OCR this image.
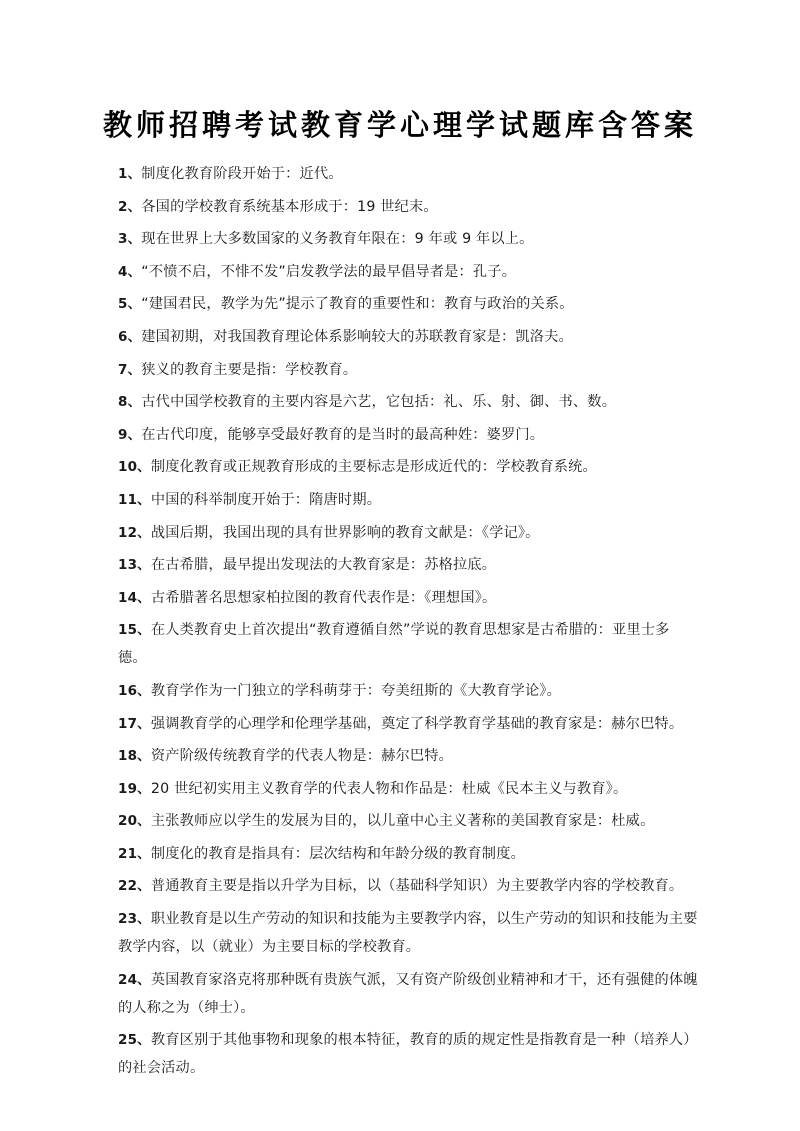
教师招聘考试教育学心理学试题库含答案

1、制度化教育阶段开始于：近代。

2、各国的学校教育系统基本形成于：19 世纪末。

3、现在世界上大多数国家的义务教育年限在：9 年或 9 年以上。

4、“不愤不启，不悱不发”启发教学法的最早倡导者是：孔子。

5、“建国君民，教学为先”提示了教育的重要性和：教育与政治的关系。

6、建国初期，对我国教育理论体系影响较大的苏联教育家是：凯洛夫。

7、狭义的教育主要是指：学校教育。

8、古代中国学校教育的主要内容是六艺，它包括：礼、乐、射、御、书、数。

9、在古代印度，能够享受最好教育的是当时的最高种姓：婆罗门。

10、制度化教育或正规教育形成的主要标志是形成近代的：学校教育系统。

11、中国的科举制度开始于：隋唐时期。

12、战国后期，我国出现的具有世界影响的教育文献是：《学记》。

13、在古希腊，最早提出发现法的大教育家是：苏格拉底。

14、古希腊著名思想家柏拉图的教育代表作是：《理想国》。

15、在人类教育史上首次提出“教育遵循自然”学说的教育思想家是古希腊的：亚里士多德。

16、教育学作为一门独立的学科萌芽于：夸美纽斯的《大教育学论》。

17、强调教育学的心理学和伦理学基础，奠定了科学教育学基础的教育家是：赫尔巴特。

18、资产阶级传统教育学的代表人物是：赫尔巴特。

19、20 世纪初实用主义教育学的代表人物和作品是：杜威《民本主义与教育》。

20、主张教师应以学生的发展为目的，以儿童中心主义著称的美国教育家是：杜威。

21、制度化的教育是指具有：层次结构和年龄分级的教育制度。

22、普通教育主要是指以升学为目标，以（基础科学知识）为主要教学内容的学校教育。

23、职业教育是以生产劳动的知识和技能为主要教学内容，以生产劳动的知识和技能为主要教学内容，以（就业）为主要目标的学校教育。

24、英国教育家洛克将那种既有贵族气派，又有资产阶级创业精神和才干，还有强健的体魄的人称之为（绅士）。

25、教育区别于其他事物和现象的根本特征，教育的质的规定性是指教育是一种（培养人）的社会活动。
